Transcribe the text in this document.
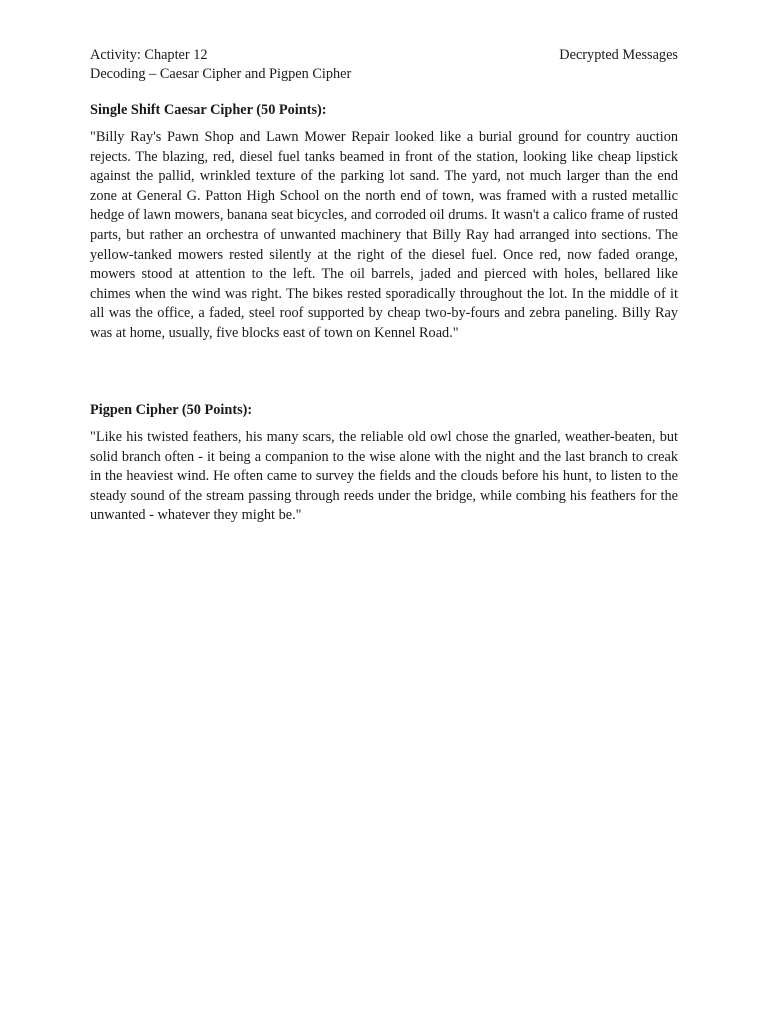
Activity: Chapter 12	Decrypted Messages
Decoding – Caesar Cipher and Pigpen Cipher

Single Shift Caesar Cipher (50 Points):

"Billy Ray's Pawn Shop and Lawn Mower Repair looked like a burial ground for country auction rejects. The blazing, red, diesel fuel tanks beamed in front of the station, looking like cheap lipstick against the pallid, wrinkled texture of the parking lot sand. The yard, not much larger than the end zone at General G. Patton High School on the north end of town, was framed with a rusted metallic hedge of lawn mowers, banana seat bicycles, and corroded oil drums. It wasn't a calico frame of rusted parts, but rather an orchestra of unwanted machinery that Billy Ray had arranged into sections. The yellow-tanked mowers rested silently at the right of the diesel fuel. Once red, now faded orange, mowers stood at attention to the left. The oil barrels, jaded and pierced with holes, bellared like chimes when the wind was right. The bikes rested sporadically throughout the lot. In the middle of it all was the office, a faded, steel roof supported by cheap two-by-fours and zebra paneling. Billy Ray was at home, usually, five blocks east of town on Kennel Road."

Pigpen Cipher (50 Points):

"Like his twisted feathers, his many scars, the reliable old owl chose the gnarled, weather-beaten, but solid branch often - it being a companion to the wise alone with the night and the last branch to creak in the heaviest wind. He often came to survey the fields and the clouds before his hunt, to listen to the steady sound of the stream passing through reeds under the bridge, while combing his feathers for the unwanted - whatever they might be."
